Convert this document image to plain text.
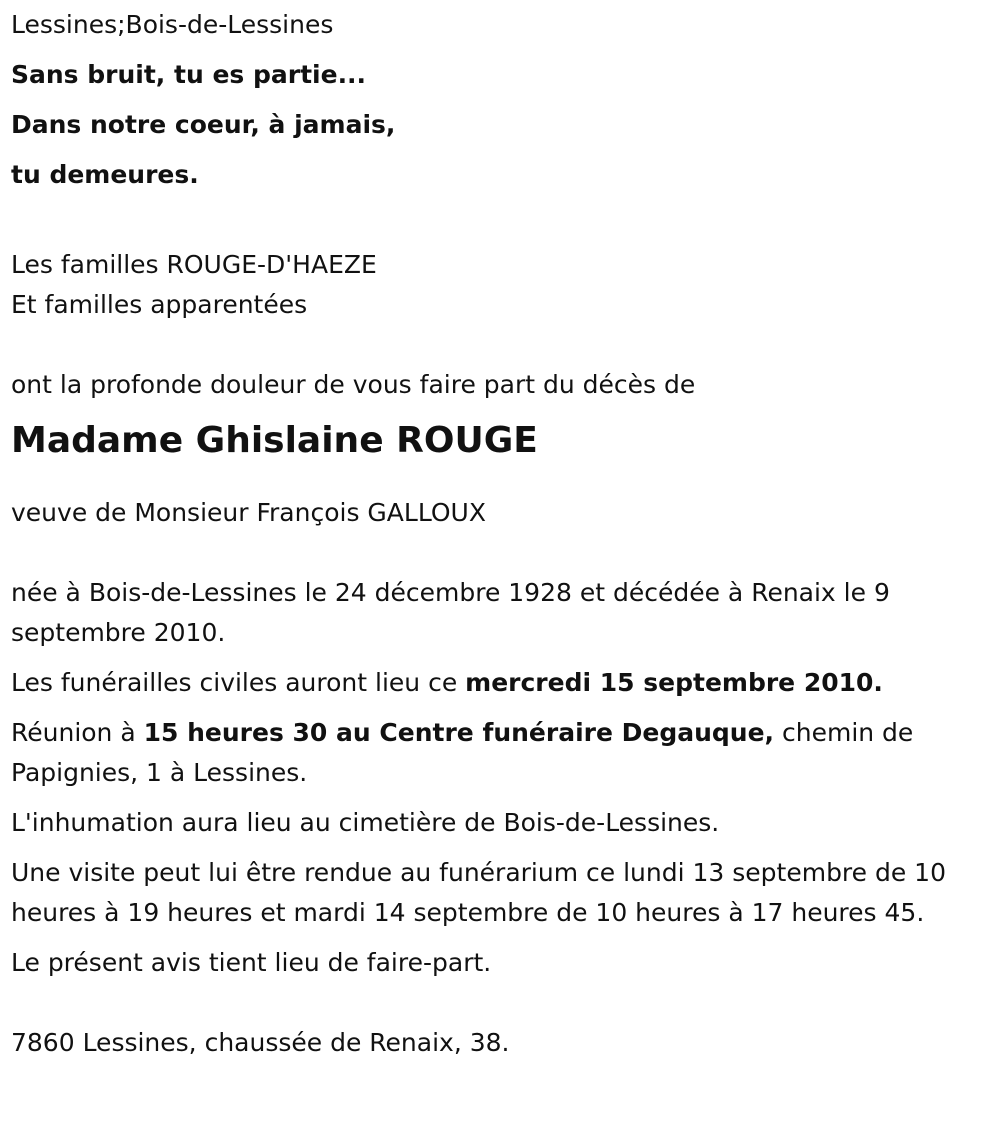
Lessines;Bois-de-Lessines

Sans bruit, tu es partie...

Dans notre coeur, à jamais,

tu demeures.

Les familles ROUGE-D'HAEZE

Et familles apparentées

ont la profonde douleur de vous faire part du décès de

Madame Ghislaine ROUGE

veuve de Monsieur François GALLOUX

née à Bois-de-Lessines le 24 décembre 1928 et décédée à Renaix le 9 septembre 2010.

Les funérailles civiles auront lieu ce mercredi 15 septembre 2010.

Réunion à 15 heures 30 au Centre funéraire Degauque, chemin de Papignies, 1 à Lessines.

L'inhumation aura lieu au cimetière de Bois-de-Lessines.

Une visite peut lui être rendue au funérarium ce lundi 13 septembre de 10 heures à 19 heures et mardi 14 septembre de 10 heures à 17 heures 45.

Le présent avis tient lieu de faire-part.

7860 Lessines, chaussée de Renaix, 38.
